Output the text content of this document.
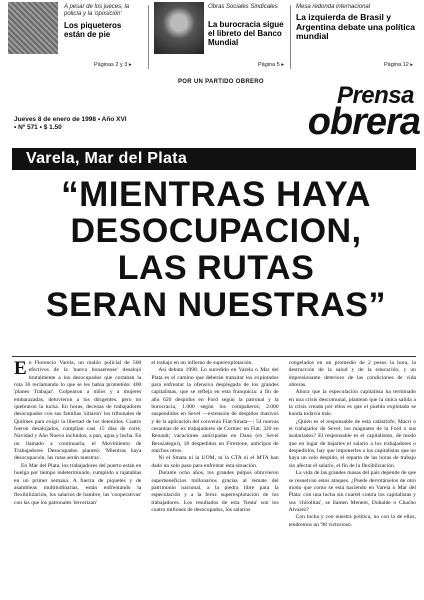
A pesar de los jueces, la policía y la 'oposición'
Los piqueteros están de pie
Páginas 2 y 3 ▸
Obras Sociales Sindicales
La burocracia sigue el libreto del Banco Mundial
Página 5 ▸
Mesa redonda internacional
La izquierda de Brasil y Argentina debate una política mundial
Página 12 ▸
POR UN PARTIDO OBRERO	Prensa
obrera
Jueves 8 de enero de 1998 • Año XVI
• Nº 571 • $ 1.50
Varela, Mar del Plata
“MIENTRAS HAYA
DESOCUPACION,
LAS RUTAS
SERAN NUESTRAS”

En Florencio Varela, un malón policial de 500 efectivos de la 'nueva bonaerense' desalojó brutalmente a los desocupados que cortaban la ruta 36 reclamando lo que se les había prometido: 400 'planes Trabajar'. Golpearon a niños y a mujeres embarazadas, detuvieron a los dirigentes, pero no quebraron la lucha. En horas, decenas de trabajadores desocupados con sus familias 'sitiaron' los tribunales de Quilmes para exigir la libertad de los detenidos. Cuatro fueron desalojados, cumplían casi 15 días de corte, Navidad y Año Nuevo incluidos, a pan, agua y lucha. En un llamado a continuarla, el Movimiento de Trabajadores Desocupados planteó: 'Mientras haya desocupación, las rutas serán nuestras'.

En Mar del Plata, los trabajadores del puerto están en huelga por tiempo indeterminado, cumplido a rajatablas en un primer semana. A fuerza de piquetes y de asambleas multitudinarias, están enfrentando la flexibilización, los salarios de hambre, las 'cooperativas' con las que los patronales 'tercerizan'

el trabajo en un infierno de superexplotación.

Así debuta 1998. Lo sucedido en Varela o Mar del Plata es el camino que deberán transitar los explotados para enfrentar la ofensiva desplegada de los grandes capitalistas, que se refleja en esta franquicia: a fin de año 620 despidos en Ford según la patronal y la burocracia, 1.000 según los compañeros; 2.000 suspendidos en Sevel —extensión de despidos masivos y de la aplicación del convenio Fiat-Smata—; 54 nuevas cesantías de ex trabajadores de Cormec en Fiat; 320 en Renault; vacaciones anticipadas en Dana (ex Sevel Berazategui), 18 despedidos en Firestone, anticipos de muchos otros.

Ni el Smata ni la UOM, ni la CTA ni el MTA han dado un solo paso para enfrentar esta situación.

Durante ocho años, los grandes pulpos obtuvieron superbeneficios millonarios gracias al remate del patrimonio nacional, a la piedra libre para la especulación y a la feroz superexplotación de los trabajadores. Los resultados de esta 'fiesta' son los cuatro millones de desocupados, los salarios

congelados en un promedio de 2 pesos la hora, la destrucción de la salud y de la educación, y un impresionante deterioro de las condiciones de vida obreras.

Ahora que la especulación capitalista ha terminado en una crisis descomunal, plantean que la única salida a la crisis creada por ellos es que el pueblo explotado se hunda todavía más.

¿Quién es el responsable de esta catástrofe, Macri o el trabajador de Sevel, los magnates de la Ford o sus asalariados? El responsable es el capitalismo, de modo que en lugar de bajarles el salario a los trabajadores o despedirlos, hay que imponerles a los capitalistas que no haya un solo despido, el reparto de las horas de trabajo sin afectar el salario, el fin de la flexibilización.

La vida de las grandes masas del país depende de que se resuelvan estos ataques. ¿Puede derrotárselos de otro modo que como se está haciendo en Varela o Mar del Plata: con una lucha sin cuartel contra los capitalistas y sus 'chirolitas', se llamen Menem, Duhalde o Chacho Alvarez?

Con lucha y con nuestra política, no con la de ellos, tendremos un '98 victorioso.
